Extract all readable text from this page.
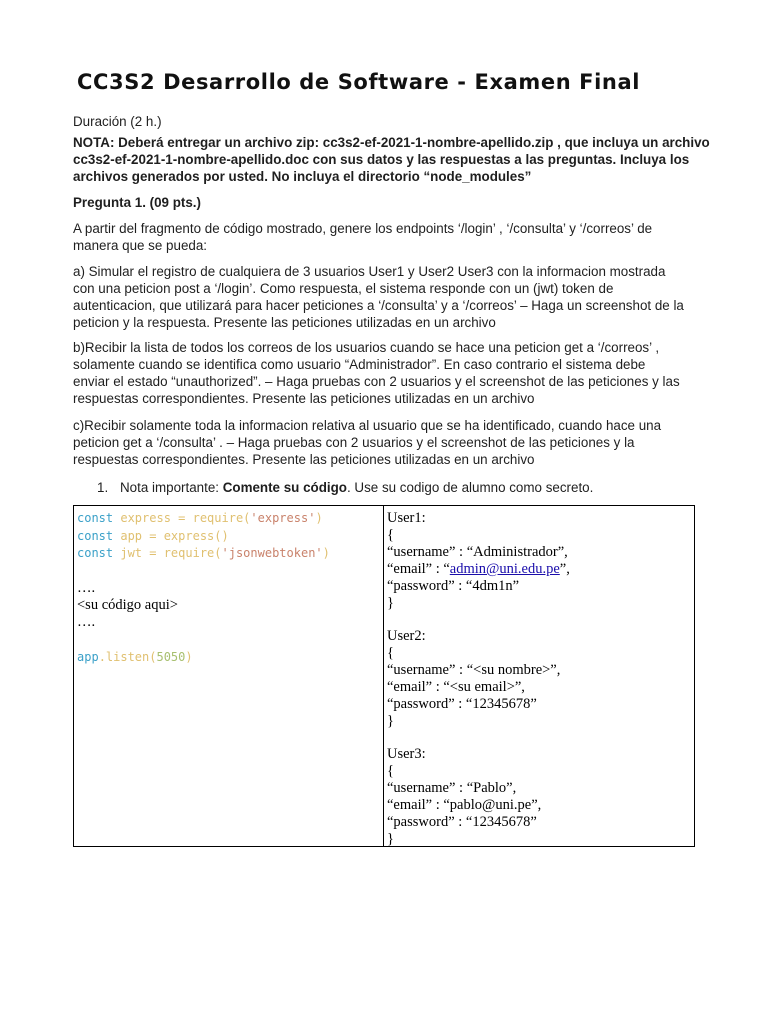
CC3S2 Desarrollo de Software - Examen Final
Duración (2 h.)
NOTA: Deberá entregar un archivo zip: cc3s2-ef-2021-1-nombre-apellido.zip , que incluya un archivo
cc3s2-ef-2021-1-nombre-apellido.doc con sus datos y las respuestas a las preguntas. Incluya los
archivos generados por usted. No incluya el directorio “node_modules”
Pregunta 1. (09 pts.)
A partir del fragmento de código mostrado, genere los endpoints ‘/login’ , ‘/consulta’ y ‘/correos’ de
manera que se pueda:
a) Simular el registro de cualquiera de 3 usuarios User1 y User2 User3 con la informacion mostrada
con una peticion post a ‘/login’. Como respuesta, el sistema responde con un (jwt) token de
autenticacion, que utilizará para hacer peticiones a ‘/consulta’ y a ‘/correos’ – Haga un screenshot de la
peticion y la respuesta. Presente las peticiones utilizadas en un archivo
b)Recibir la lista de todos los correos de los usuarios cuando se hace una peticion get a ‘/correos’ ,
solamente cuando se identifica como usuario “Administrador”. En caso contrario el sistema debe
enviar el estado “unauthorized”. – Haga pruebas con 2 usuarios y el screenshot de las peticiones y las
respuestas correspondientes. Presente las peticiones utilizadas en un archivo
c)Recibir solamente toda la informacion relativa al usuario que se ha identificado, cuando hace una
peticion get a ‘/consulta’ . – Haga pruebas con 2 usuarios y el screenshot de las peticiones y la
respuestas correspondientes. Presente las peticiones utilizadas en un archivo
1. Nota importante: Comente su código. Use su codigo de alumno como secreto.
const express = require('express')
const app = express()
const jwt = require('jsonwebtoken')

….
<su código aqui>
….

app.listen(5050)
User1:
{
“username” : “Administrador”,
“email” : “admin@uni.edu.pe”,
“password” : “4dm1n”
}
User2:
{
“username” : “<su nombre>”,
“email” : “<su email>”,
“password” : “12345678”
}
User3:
{
“username” : “Pablo”,
“email” : “pablo@uni.pe”,
“password” : “12345678”
}
